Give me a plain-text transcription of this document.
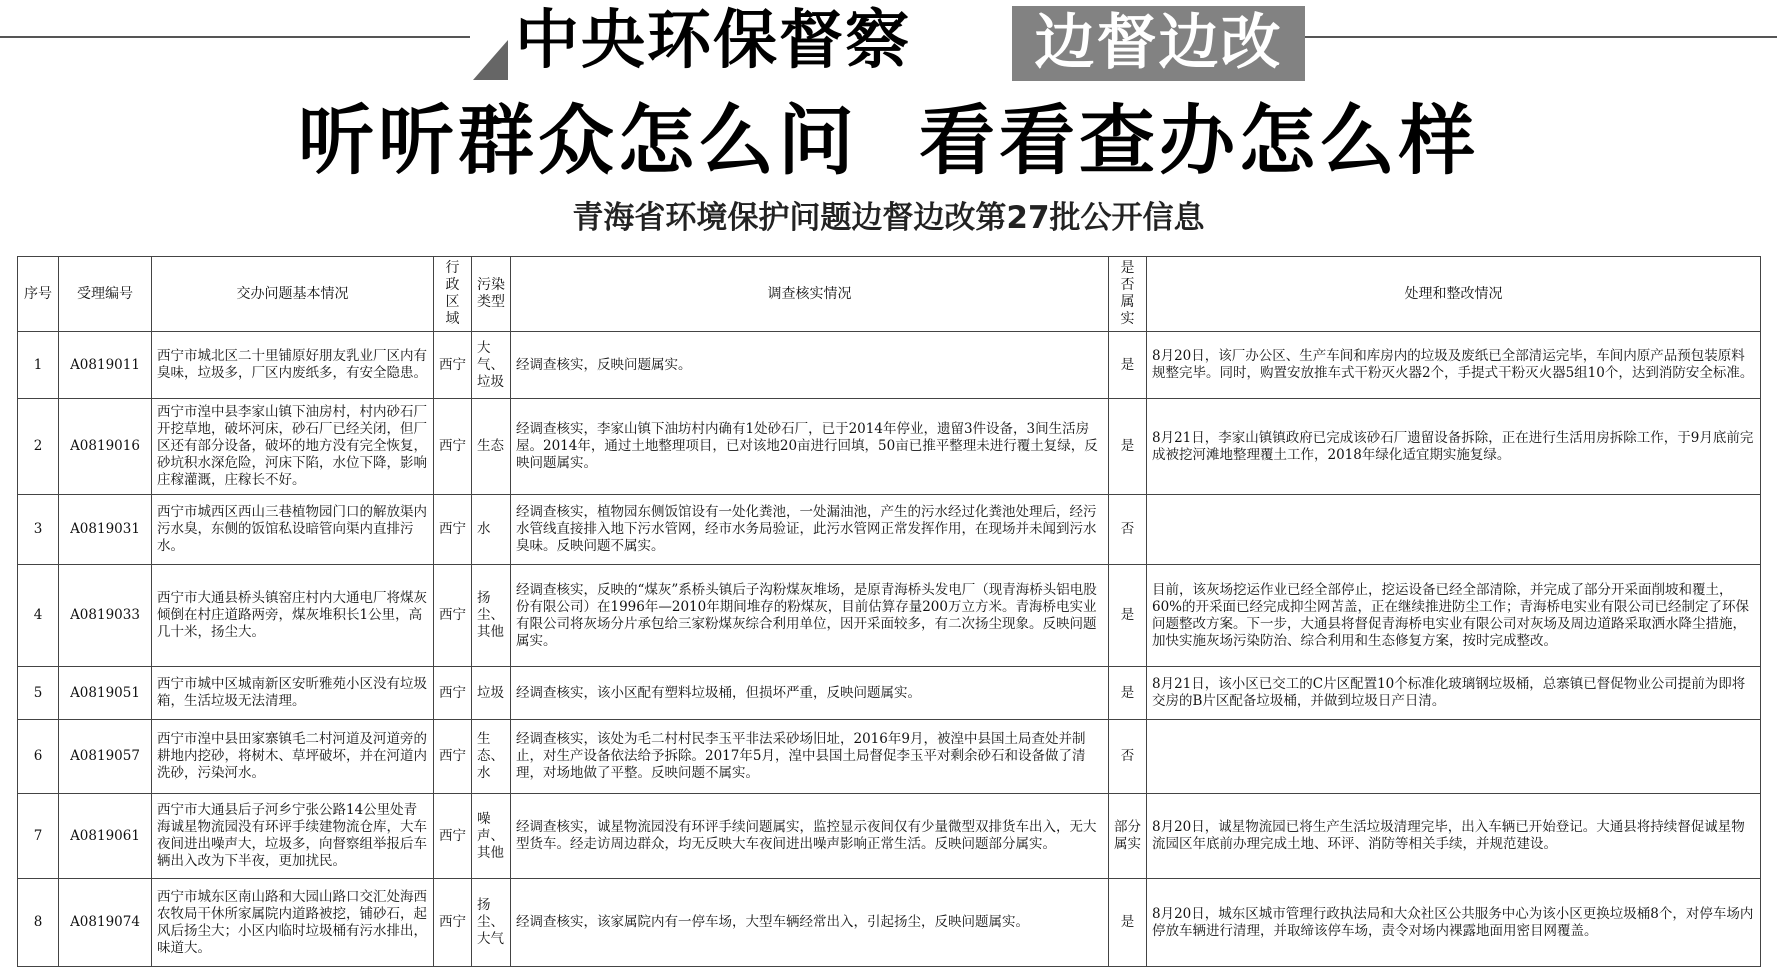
中央环保督察	边督边改
听听群众怎么问  看看查办怎么样
青海省环境保护问题边督边改第27批公开信息
序号	受理编号	交办问题基本情况	行政区域	污染类型	调查核实情况	是否属实	处理和整改情况
1	A0819011	西宁市城北区二十里铺原好朋友乳业厂区内有臭味，垃圾多，厂区内废纸多，有安全隐患。	西宁	大气、垃圾	经调查核实，反映问题属实。	是	8月20日，该厂办公区、生产车间和库房内的垃圾及废纸已全部清运完毕，车间内原产品预包装原料规整完毕。同时，购置安放推车式干粉灭火器2个，手提式干粉灭火器5组10个，达到消防安全标准。
2	A0819016	西宁市湟中县李家山镇下油房村，村内砂石厂开挖草地，破坏河床，砂石厂已经关闭，但厂区还有部分设备，破坏的地方没有完全恢复，砂坑积水深危险，河床下陷，水位下降，影响庄稼灌溉，庄稼长不好。	西宁	生态	经调查核实，李家山镇下油坊村内确有1处砂石厂，已于2014年停业，遗留3件设备，3间生活房屋。2014年，通过土地整理项目，已对该地20亩进行回填，50亩已推平整理未进行覆土复绿，反映问题属实。	是	8月21日，李家山镇镇政府已完成该砂石厂遗留设备拆除，正在进行生活用房拆除工作，于9月底前完成被挖河滩地整理覆土工作，2018年绿化适宜期实施复绿。
3	A0819031	西宁市城西区西山三巷植物园门口的解放渠内污水臭，东侧的饭馆私设暗管向渠内直排污水。	西宁	水	经调查核实，植物园东侧饭馆设有一处化粪池，一处漏油池，产生的污水经过化粪池处理后，经污水管线直接排入地下污水管网，经市水务局验证，此污水管网正常发挥作用，在现场并未闻到污水臭味。反映问题不属实。	否	
4	A0819033	西宁市大通县桥头镇窑庄村内大通电厂将煤灰倾倒在村庄道路两旁，煤灰堆积长1公里，高几十米，扬尘大。	西宁	扬尘、其他	经调查核实，反映的“煤灰”系桥头镇后子沟粉煤灰堆场，是原青海桥头发电厂（现青海桥头铝电股份有限公司）在1996年—2010年期间堆存的粉煤灰，目前估算存量200万立方米。青海桥电实业有限公司将灰场分片承包给三家粉煤灰综合利用单位，因开采面较多，有二次扬尘现象。反映问题属实。	是	目前，该灰场挖运作业已经全部停止，挖运设备已经全部清除，并完成了部分开采面削坡和覆土，60%的开采面已经完成抑尘网苫盖，正在继续推进防尘工作；青海桥电实业有限公司已经制定了环保问题整改方案。下一步，大通县将督促青海桥电实业有限公司对灰场及周边道路采取洒水降尘措施，加快实施灰场污染防治、综合利用和生态修复方案，按时完成整改。
5	A0819051	西宁市城中区城南新区安昕雅苑小区没有垃圾箱，生活垃圾无法清理。	西宁	垃圾	经调查核实，该小区配有塑料垃圾桶，但损坏严重，反映问题属实。	是	8月21日，该小区已交工的C片区配置10个标准化玻璃钢垃圾桶，总寨镇已督促物业公司提前为即将交房的B片区配备垃圾桶，并做到垃圾日产日清。
6	A0819057	西宁市湟中县田家寨镇毛二村河道及河道旁的耕地内挖砂，将树木、草坪破坏，并在河道内洗砂，污染河水。	西宁	生态、水	经调查核实，该处为毛二村村民李玉平非法采砂场旧址，2016年9月，被湟中县国土局查处并制止，对生产设备依法给予拆除。2017年5月，湟中县国土局督促李玉平对剩余砂石和设备做了清理，对场地做了平整。反映问题不属实。	否	
7	A0819061	西宁市大通县后子河乡宁张公路14公里处青海诚星物流园没有环评手续建物流仓库，大车夜间进出噪声大，垃圾多，向督察组举报后车辆出入改为下半夜，更加扰民。	西宁	噪声、其他	经调查核实，诚星物流园没有环评手续问题属实，监控显示夜间仅有少量微型双排货车出入，无大型货车。经走访周边群众，均无反映大车夜间进出噪声影响正常生活。反映问题部分属实。	部分属实	8月20日，诚星物流园已将生产生活垃圾清理完毕，出入车辆已开始登记。大通县将持续督促诚星物流园区年底前办理完成土地、环评、消防等相关手续，并规范建设。
8	A0819074	西宁市城东区南山路和大园山路口交汇处海西农牧局干休所家属院内道路被挖，铺砂石，起风后扬尘大；小区内临时垃圾桶有污水排出，味道大。	西宁	扬尘、大气	经调查核实，该家属院内有一停车场，大型车辆经常出入，引起扬尘，反映问题属实。	是	8月20日，城东区城市管理行政执法局和大众社区公共服务中心为该小区更换垃圾桶8个，对停车场内停放车辆进行清理，并取缔该停车场，责令对场内裸露地面用密目网覆盖。
